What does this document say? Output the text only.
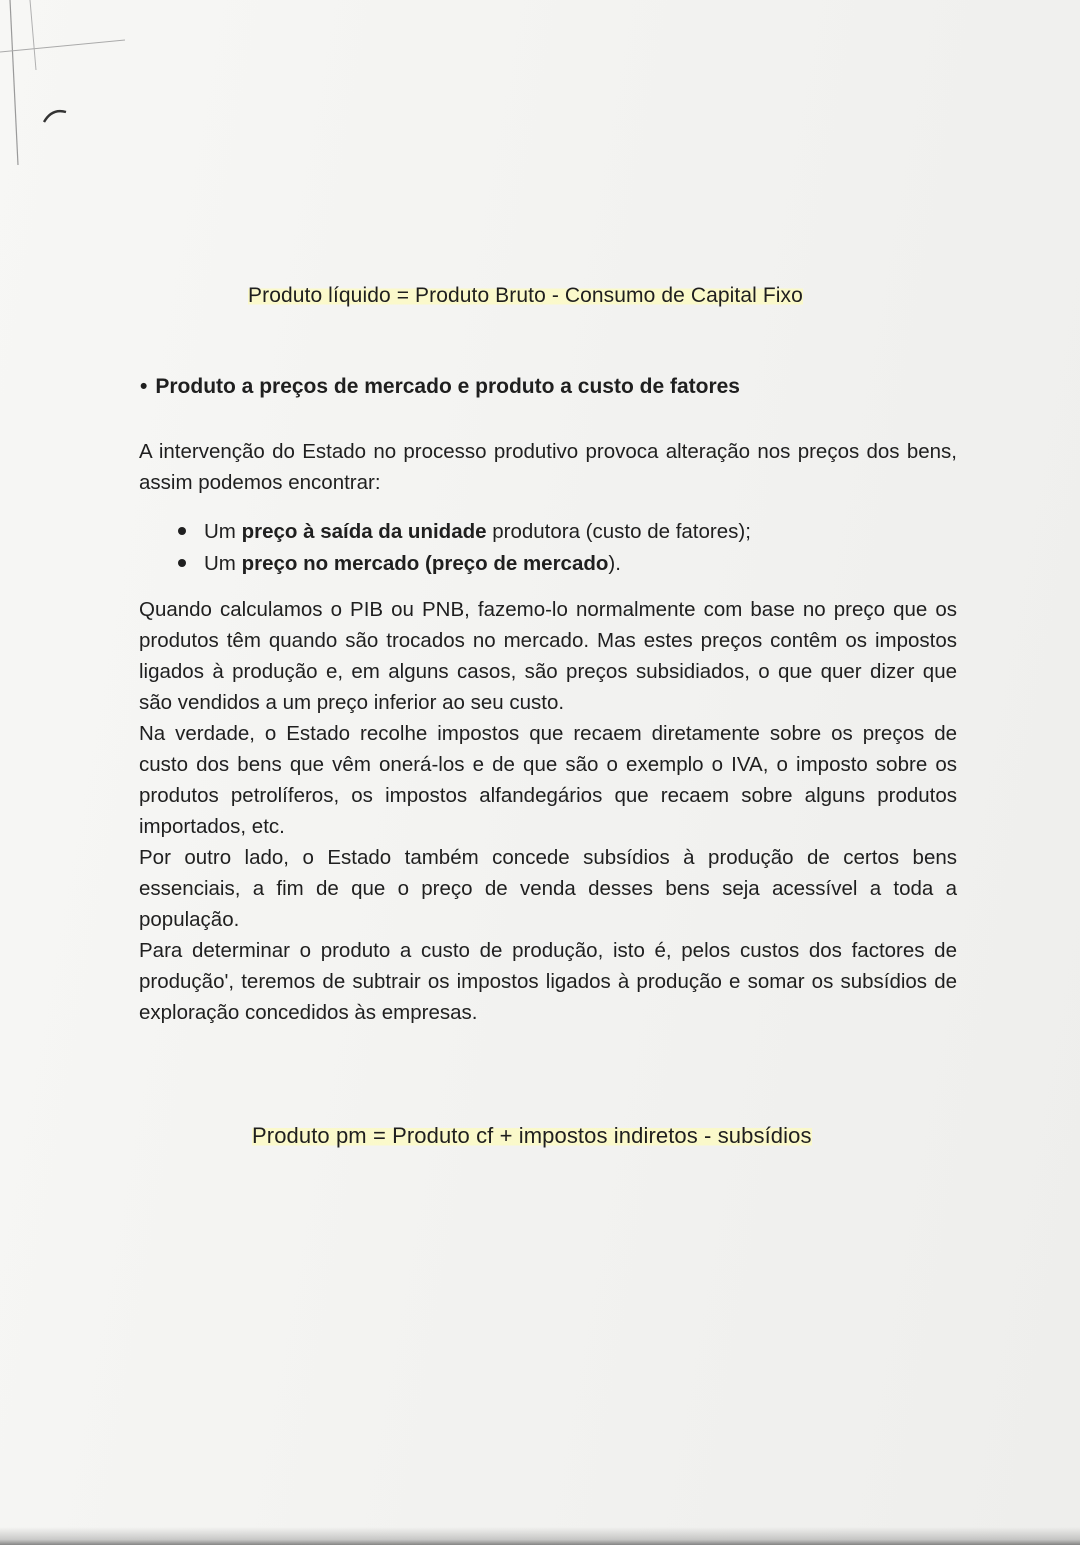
Produto líquido = Produto Bruto - Consumo de Capital Fixo
• Produto a preços de mercado e produto a custo de fatores
A intervenção do Estado no processo produtivo provoca alteração nos preços dos bens, assim podemos encontrar:
Um preço à saída da unidade produtora (custo de fatores);
Um preço no mercado (preço de mercado).

Quando calculamos o PIB ou PNB, fazemo-lo normalmente com base no preço que os produtos têm quando são trocados no mercado. Mas estes preços contêm os impostos ligados à produção e, em alguns casos, são preços subsidiados, o que quer dizer que são vendidos a um preço inferior ao seu custo.

Na verdade, o Estado recolhe impostos que recaem diretamente sobre os preços de custo dos bens que vêm onerá-los e de que são o exemplo o IVA, o imposto sobre os produtos petrolíferos, os impostos alfandegários que recaem sobre alguns produtos importados, etc.

Por outro lado, o Estado também concede subsídios à produção de certos bens essenciais, a fim de que o preço de venda desses bens seja acessível a toda a população.

Para determinar o produto a custo de produção, isto é, pelos custos dos factores de produção', teremos de subtrair os impostos ligados à produção e somar os subsídios de exploração concedidos às empresas.

Produto pm = Produto cf + impostos indiretos - subsídios
